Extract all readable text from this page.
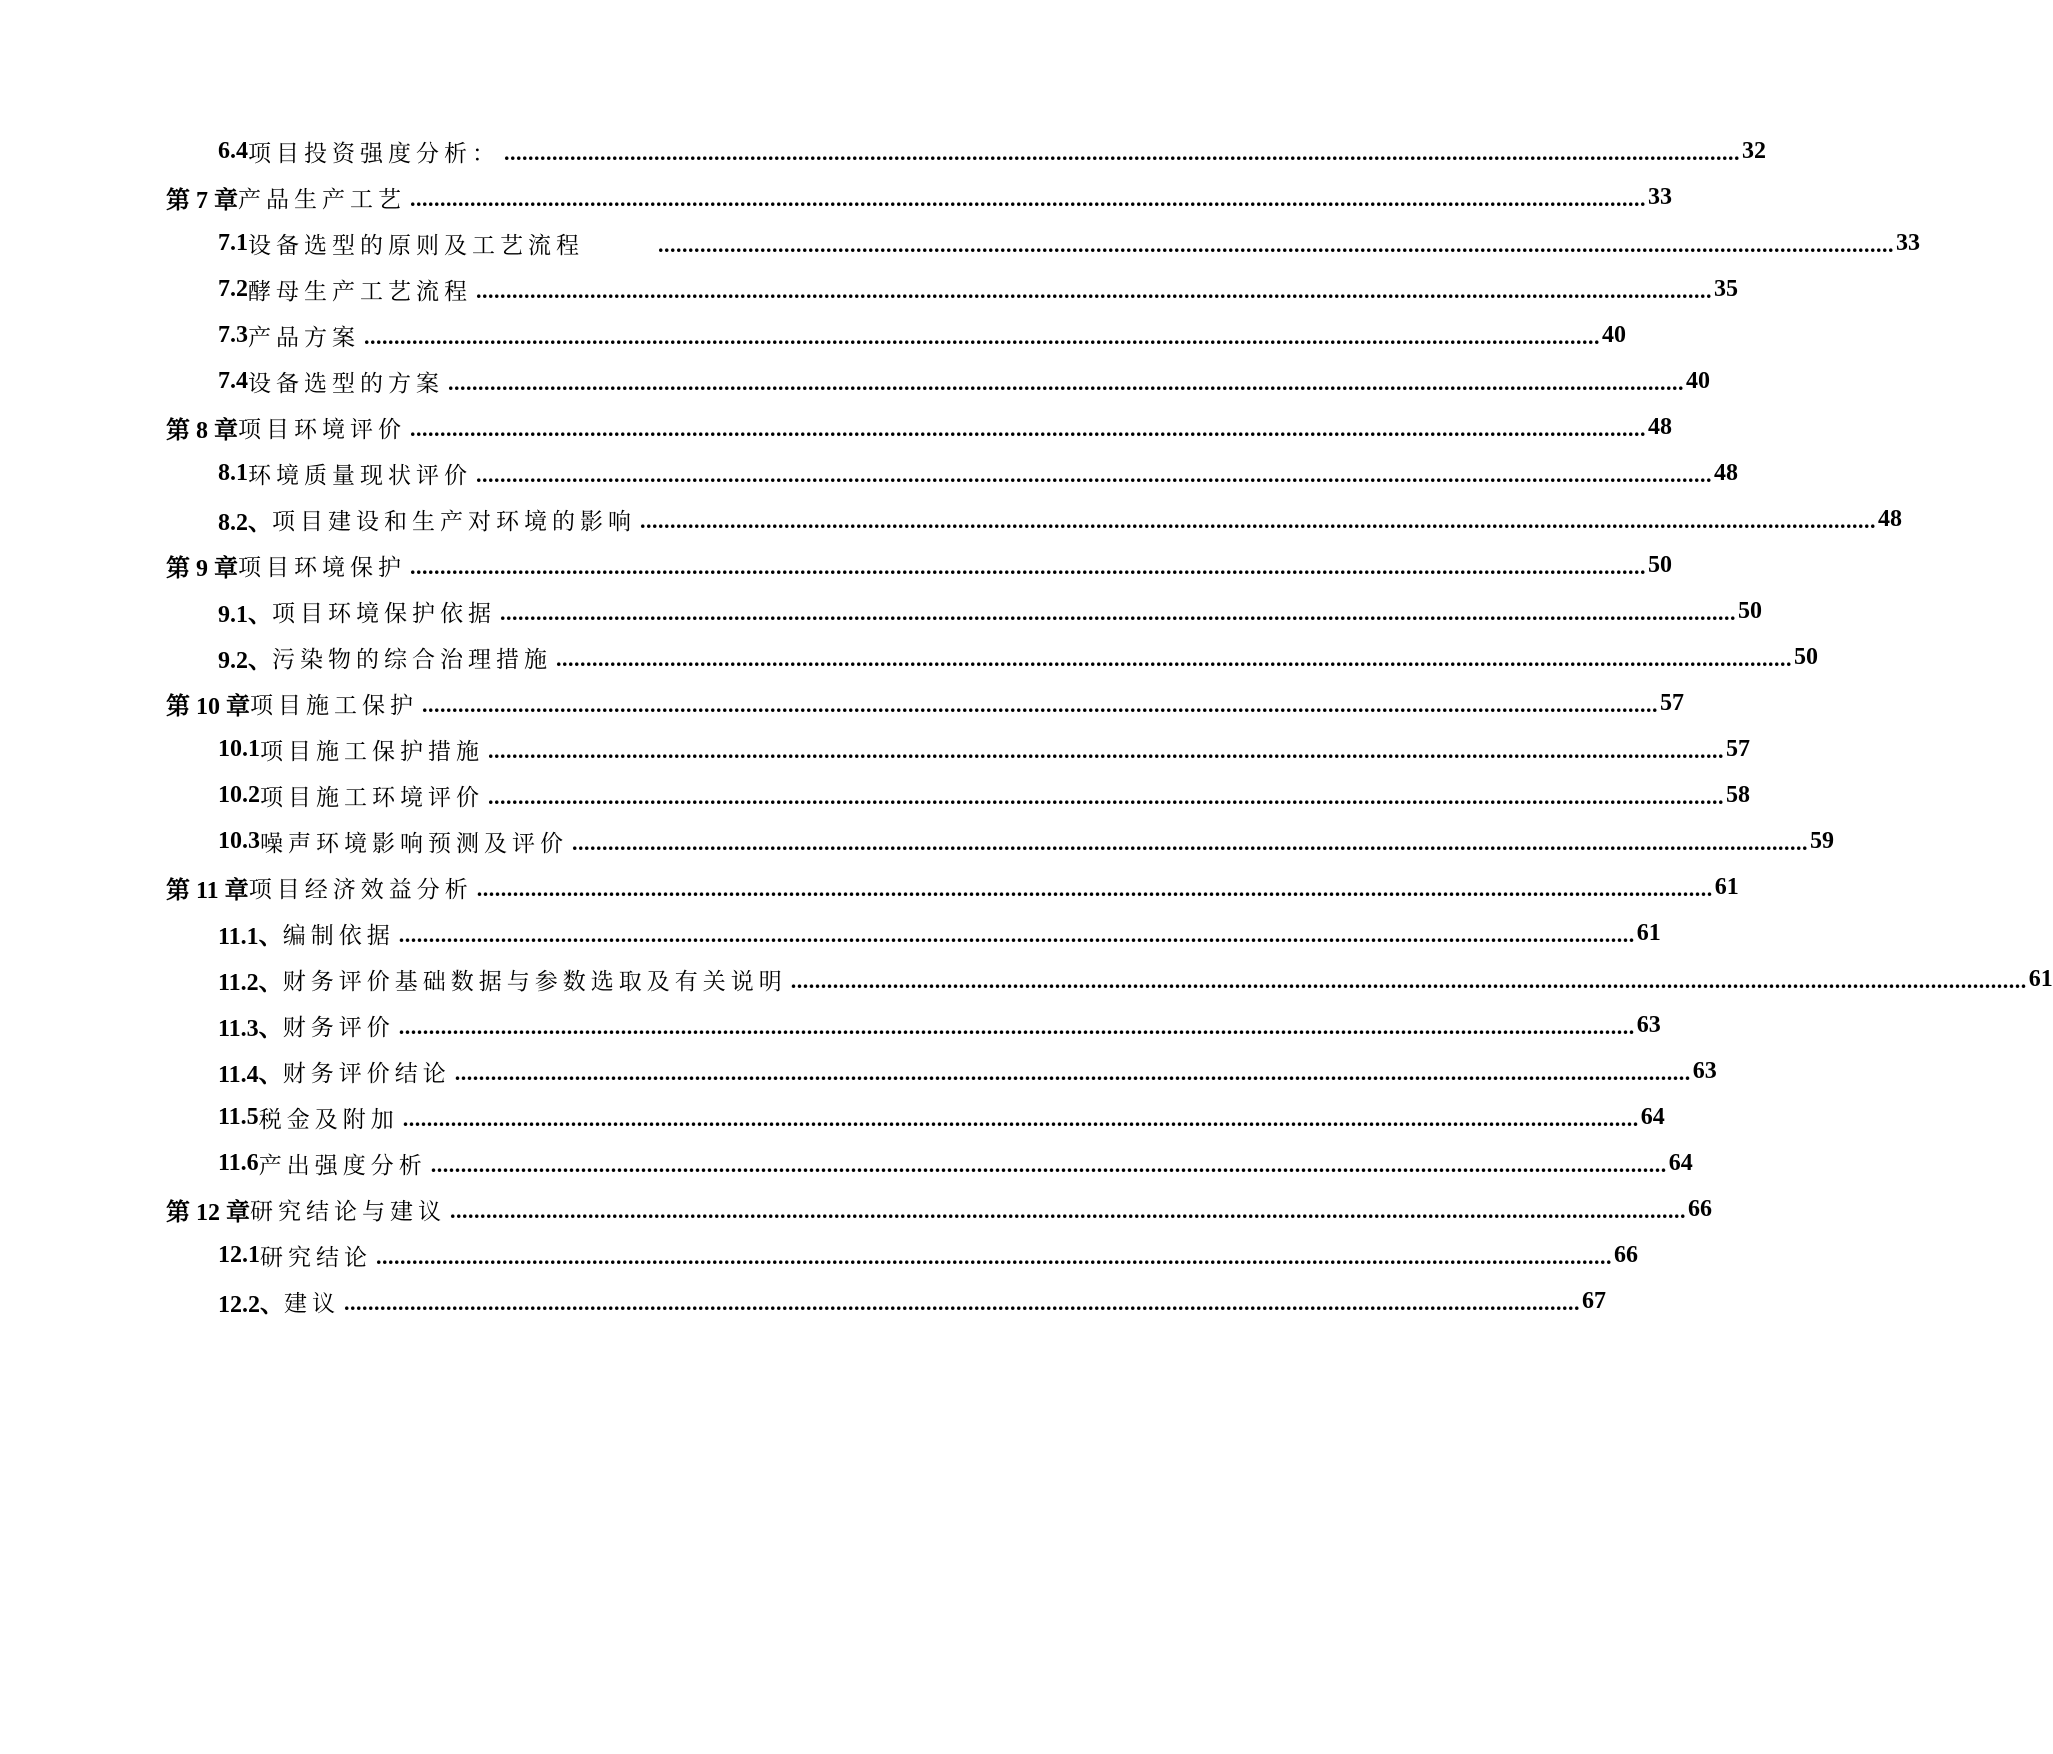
6.4 项目投资强度分析： .............................................................................................................................................................................................................. 32
第 7 章 产品生产工艺 .............................................................................................................................................................................................................. 33
7.1 设备选型的原则及工艺流程	.............................................................................................................................................................................................................. 33
7.2 酵母生产工艺流程 .............................................................................................................................................................................................................. 35
7.3 产品方案 .............................................................................................................................................................................................................. 40
7.4 设备选型的方案 .............................................................................................................................................................................................................. 40
第 8 章 项目环境评价 .............................................................................................................................................................................................................. 48
8.1 环境质量现状评价 .............................................................................................................................................................................................................. 48
8.2、 项目建设和生产对环境的影响 .............................................................................................................................................................................................................. 48
第 9 章 项目环境保护 .............................................................................................................................................................................................................. 50
9.1、 项目环境保护依据 .............................................................................................................................................................................................................. 50
9.2、 污染物的综合治理措施 .............................................................................................................................................................................................................. 50
第 10 章 项目施工保护 .............................................................................................................................................................................................................. 57
10.1 项目施工保护措施 .............................................................................................................................................................................................................. 57
10.2 项目施工环境评价 .............................................................................................................................................................................................................. 58
10.3 噪声环境影响预测及评价 .............................................................................................................................................................................................................. 59
第 11 章 项目经济效益分析 .............................................................................................................................................................................................................. 61
11.1、 编制依据 .............................................................................................................................................................................................................. 61
11.2、 财务评价基础数据与参数选取及有关说明 .............................................................................................................................................................................................................. 61
11.3、 财务评价 .............................................................................................................................................................................................................. 63
11.4、 财务评价结论 .............................................................................................................................................................................................................. 63
11.5 税金及附加 .............................................................................................................................................................................................................. 64
11.6 产出强度分析 .............................................................................................................................................................................................................. 64
第 12 章 研究结论与建议 .............................................................................................................................................................................................................. 66
12.1 研究结论 .............................................................................................................................................................................................................. 66
12.2、 建议 .............................................................................................................................................................................................................. 67
